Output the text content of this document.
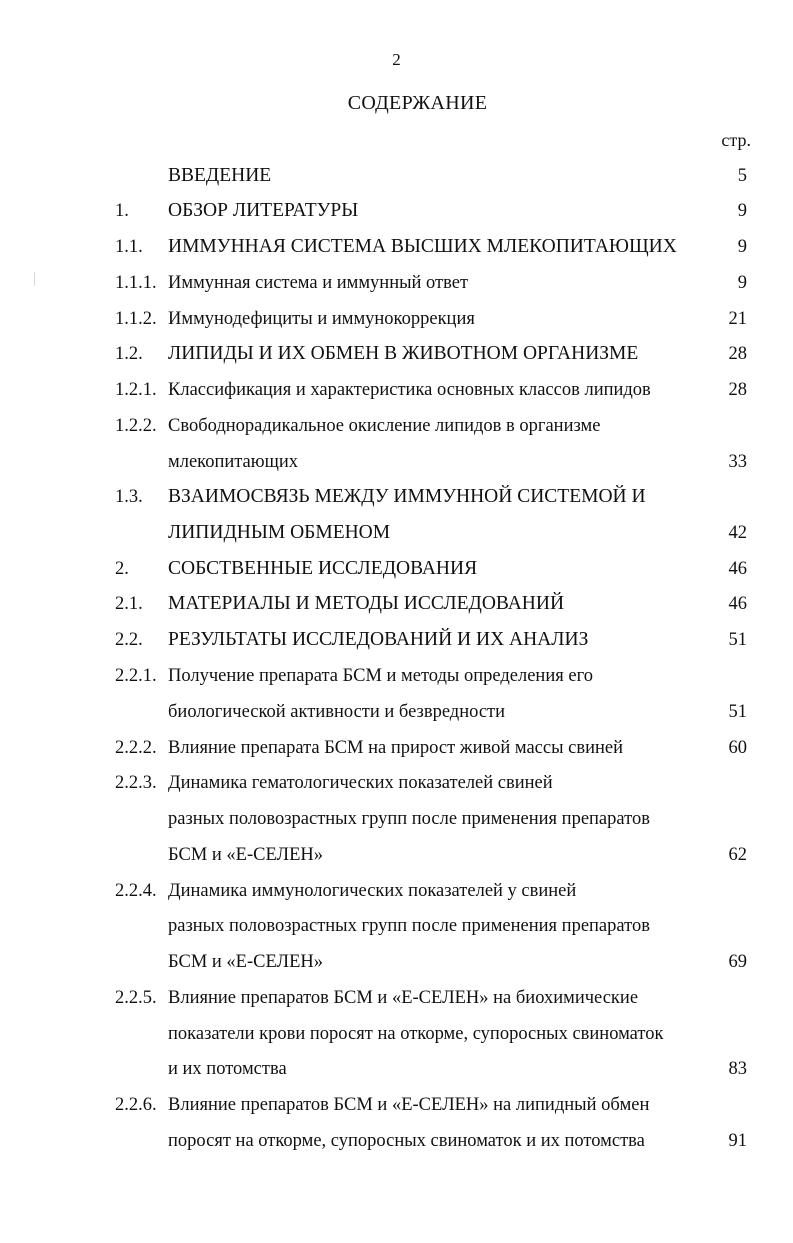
2
СОДЕРЖАНИЕ
стр.
ВВЕДЕНИЕ	5
1. ОБЗОР ЛИТЕРАТУРЫ	9
1.1. ИММУННАЯ СИСТЕМА ВЫСШИХ МЛЕКОПИТАЮЩИХ	9
1.1.1. Иммунная система и иммунный ответ	9
1.1.2. Иммунодефициты и иммунокоррекция	21
1.2. ЛИПИДЫ И ИХ ОБМЕН В ЖИВОТНОМ ОРГАНИЗМЕ	28
1.2.1. Классификация и характеристика основных классов липидов	28
1.2.2. Свободнорадикальное окисление липидов в организме
млекопитающих	33
1.3. ВЗАИМОСВЯЗЬ МЕЖДУ ИММУННОЙ СИСТЕМОЙ И
ЛИПИДНЫМ ОБМЕНОМ	42
2. СОБСТВЕННЫЕ ИССЛЕДОВАНИЯ	46
2.1. МАТЕРИАЛЫ И МЕТОДЫ ИССЛЕДОВАНИЙ	46
2.2. РЕЗУЛЬТАТЫ ИССЛЕДОВАНИЙ И ИХ АНАЛИЗ	51
2.2.1. Получение препарата БСМ и методы определения его
биологической активности и безвредности	51
2.2.2. Влияние препарата БСМ на прирост живой массы свиней	60
2.2.3. Динамика гематологических показателей свиней
разных половозрастных групп после применения препаратов
БСМ и «Е-СЕЛЕН»	62
2.2.4. Динамика иммунологических показателей у свиней
разных половозрастных групп после применения препаратов
БСМ и «Е-СЕЛЕН»	69
2.2.5. Влияние препаратов БСМ и «Е-СЕЛЕН» на биохимические
показатели крови поросят на откорме, супоросных свиноматок
и их потомства	83
2.2.6. Влияние препаратов БСМ и «Е-СЕЛЕН» на липидный обмен
поросят на откорме, супоросных свиноматок и их потомства	91
